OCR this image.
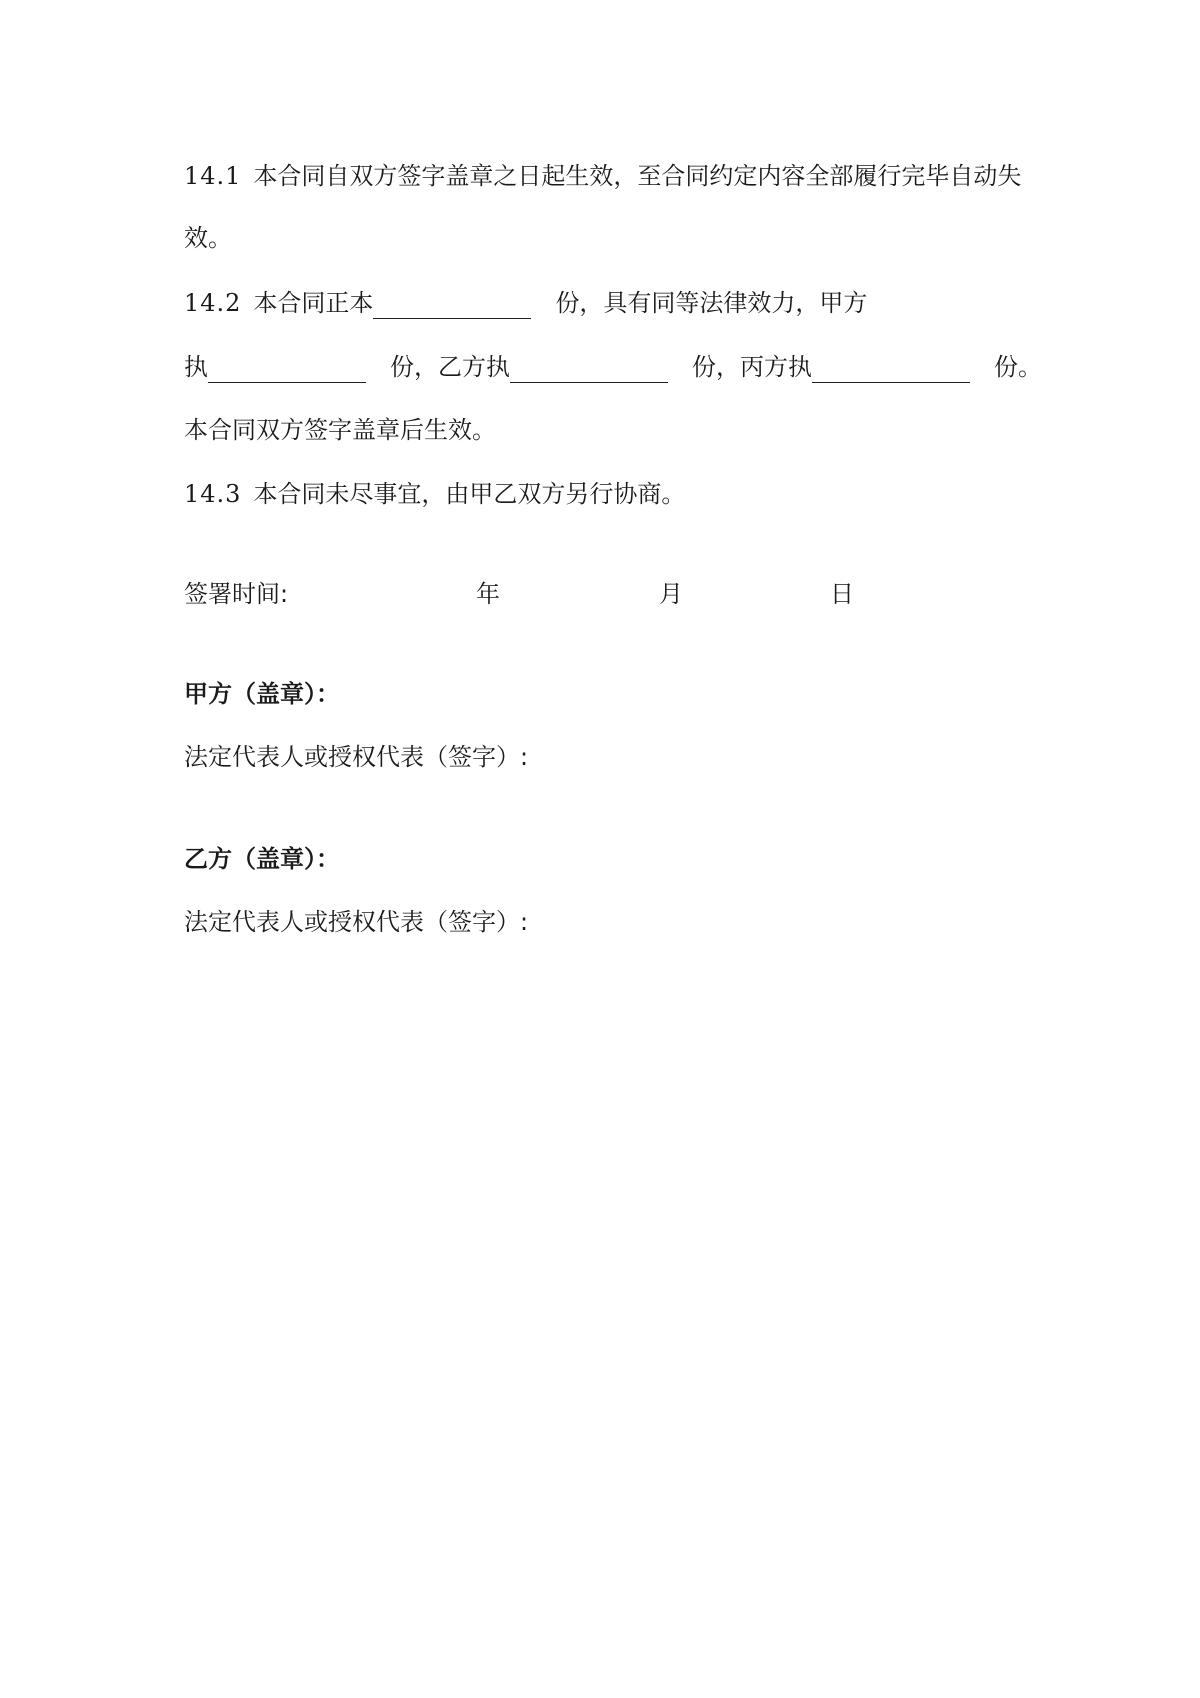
14.1 本合同自双方签字盖章之日起生效，至合同约定内容全部履行完毕自动失
效。
14.2 本合同正本	份，具有同等法律效力，甲方
执	份，乙方执	份，丙方执	份。
本合同双方签字盖章后生效。
14.3 本合同未尽事宜，由甲乙双方另行协商。
签署时间:	年	月	日
甲方（盖章）：
法定代表人或授权代表（签字）:
乙方（盖章）：
法定代表人或授权代表（签字）:
